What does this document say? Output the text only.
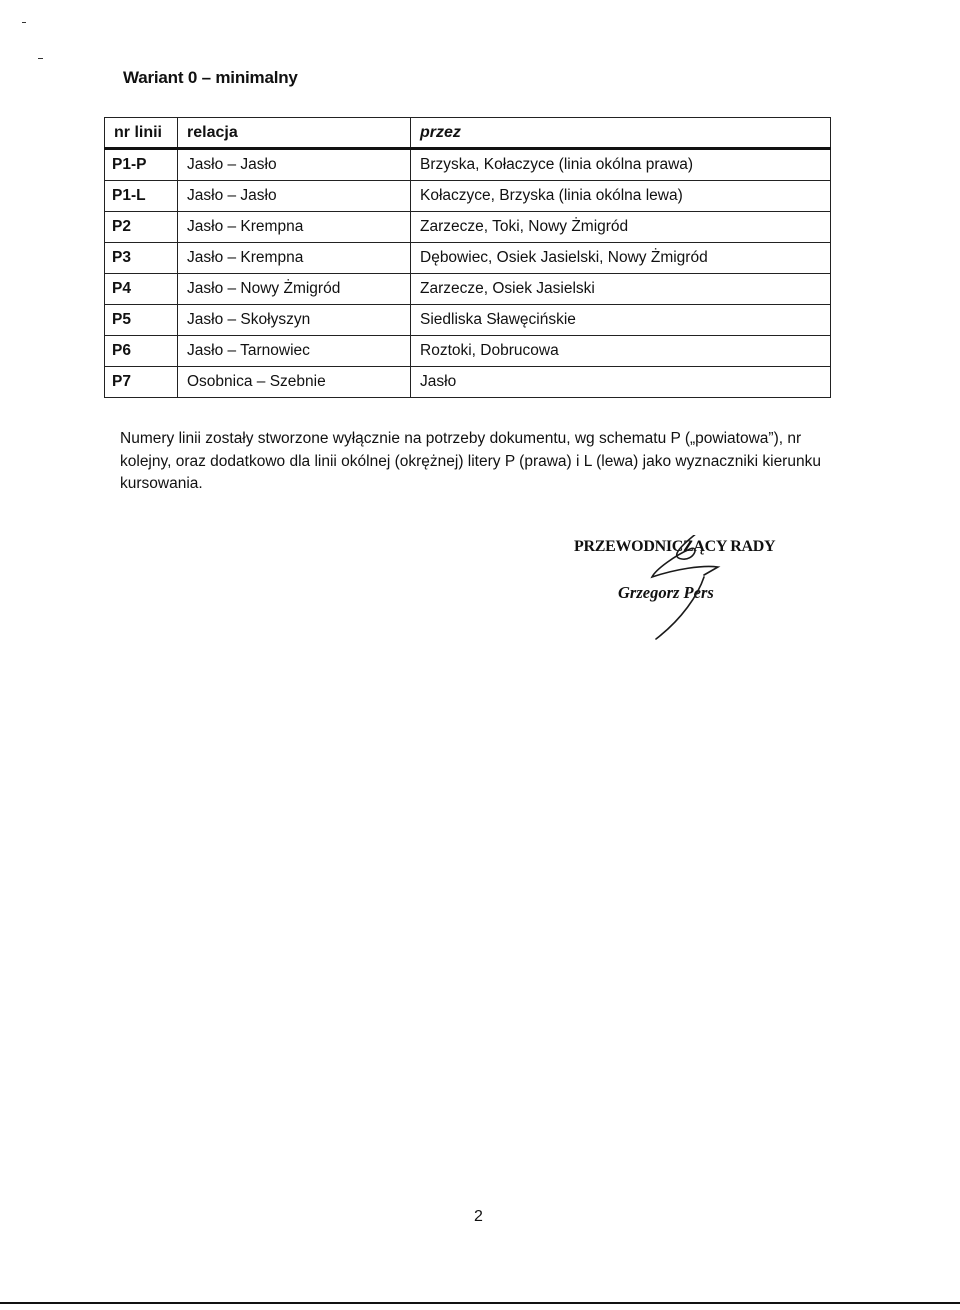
Wariant 0 – minimalny
nr linii	relacja	przez
P1-P	Jasło – Jasło	Brzyska, Kołaczyce (linia okólna prawa)
P1-L	Jasło – Jasło	Kołaczyce, Brzyska (linia okólna lewa)
P2	Jasło – Krempna	Zarzecze, Toki, Nowy Żmigród
P3	Jasło – Krempna	Dębowiec, Osiek Jasielski, Nowy Żmigród
P4	Jasło – Nowy Żmigród	Zarzecze, Osiek Jasielski
P5	Jasło – Skołyszyn	Siedliska Sławęcińskie
P6	Jasło – Tarnowiec	Roztoki, Dobrucowa
P7	Osobnica – Szebnie	Jasło
Numery linii zostały stworzone wyłącznie na potrzeby dokumentu, wg schematu P („powiatowa”), nr kolejny, oraz dodatkowo dla linii okólnej (okrężnej) litery P (prawa) i L (lewa) jako wyznaczniki kierunku kursowania.
PRZEWODNICZĄCY RADY
Grzegorz Pers
2
